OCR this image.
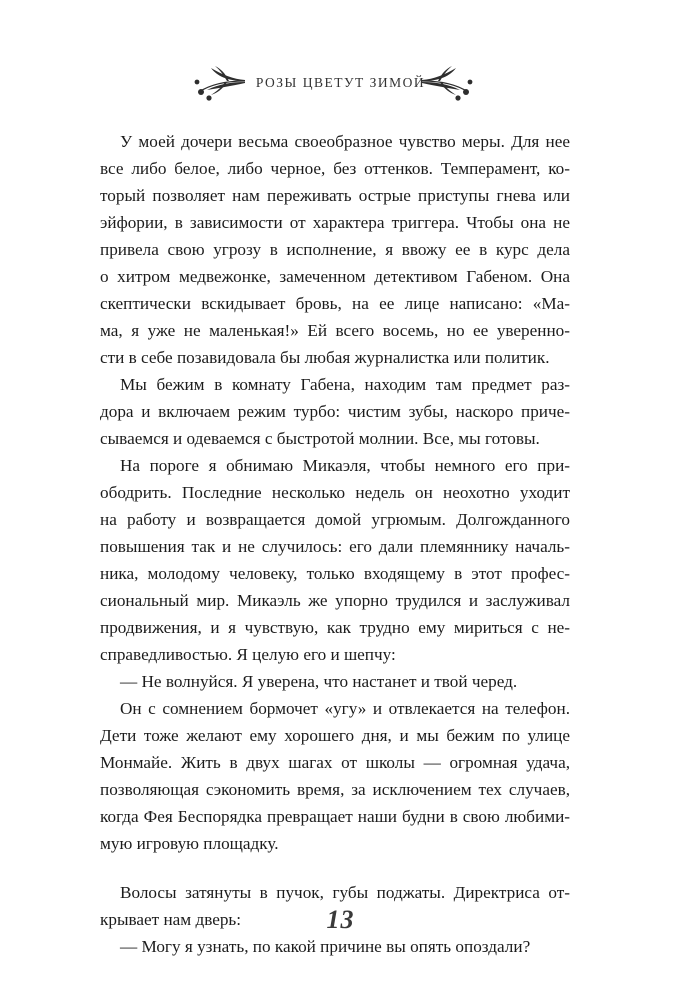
РОЗЫ ЦВЕТУТ ЗИМОЙ
У моей дочери весьма своеобразное чувство меры. Для нее
все либо белое, либо черное, без оттенков. Темперамент, ко-
торый позволяет нам переживать острые приступы гнева или
эйфории, в зависимости от характера триггера. Чтобы она не
привела свою угрозу в исполнение, я ввожу ее в курс дела
о хитром медвежонке, замеченном детективом Габеном. Она
скептически вскидывает бровь, на ее лице написано: «Ма-
ма, я уже не маленькая!» Ей всего восемь, но ее уверенно-
сти в себе позавидовала бы любая журналистка или политик.
Мы бежим в комнату Габена, находим там предмет раз-
дора и включаем режим турбо: чистим зубы, наскоро приче-
сываемся и одеваемся с быстротой молнии. Все, мы готовы.
На пороге я обнимаю Микаэля, чтобы немного его при-
ободрить. Последние несколько недель он неохотно уходит
на работу и возвращается домой угрюмым. Долгожданного
повышения так и не случилось: его дали племяннику началь-
ника, молодому человеку, только входящему в этот профес-
сиональный мир. Микаэль же упорно трудился и заслуживал
продвижения, и я чувствую, как трудно ему мириться с не-
справедливостью. Я целую его и шепчу:
— Не волнуйся. Я уверена, что настанет и твой черед.
Он с сомнением бормочет «угу» и отвлекается на телефон.
Дети тоже желают ему хорошего дня, и мы бежим по улице
Монмайе. Жить в двух шагах от школы — огромная удача,
позволяющая сэкономить время, за исключением тех случаев,
когда Фея Беспорядка превращает наши будни в свою любими-
мую игровую площадку.
Волосы затянуты в пучок, губы поджаты. Директриса от-
крывает нам дверь:
— Могу я узнать, по какой причине вы опять опоздали?
13
